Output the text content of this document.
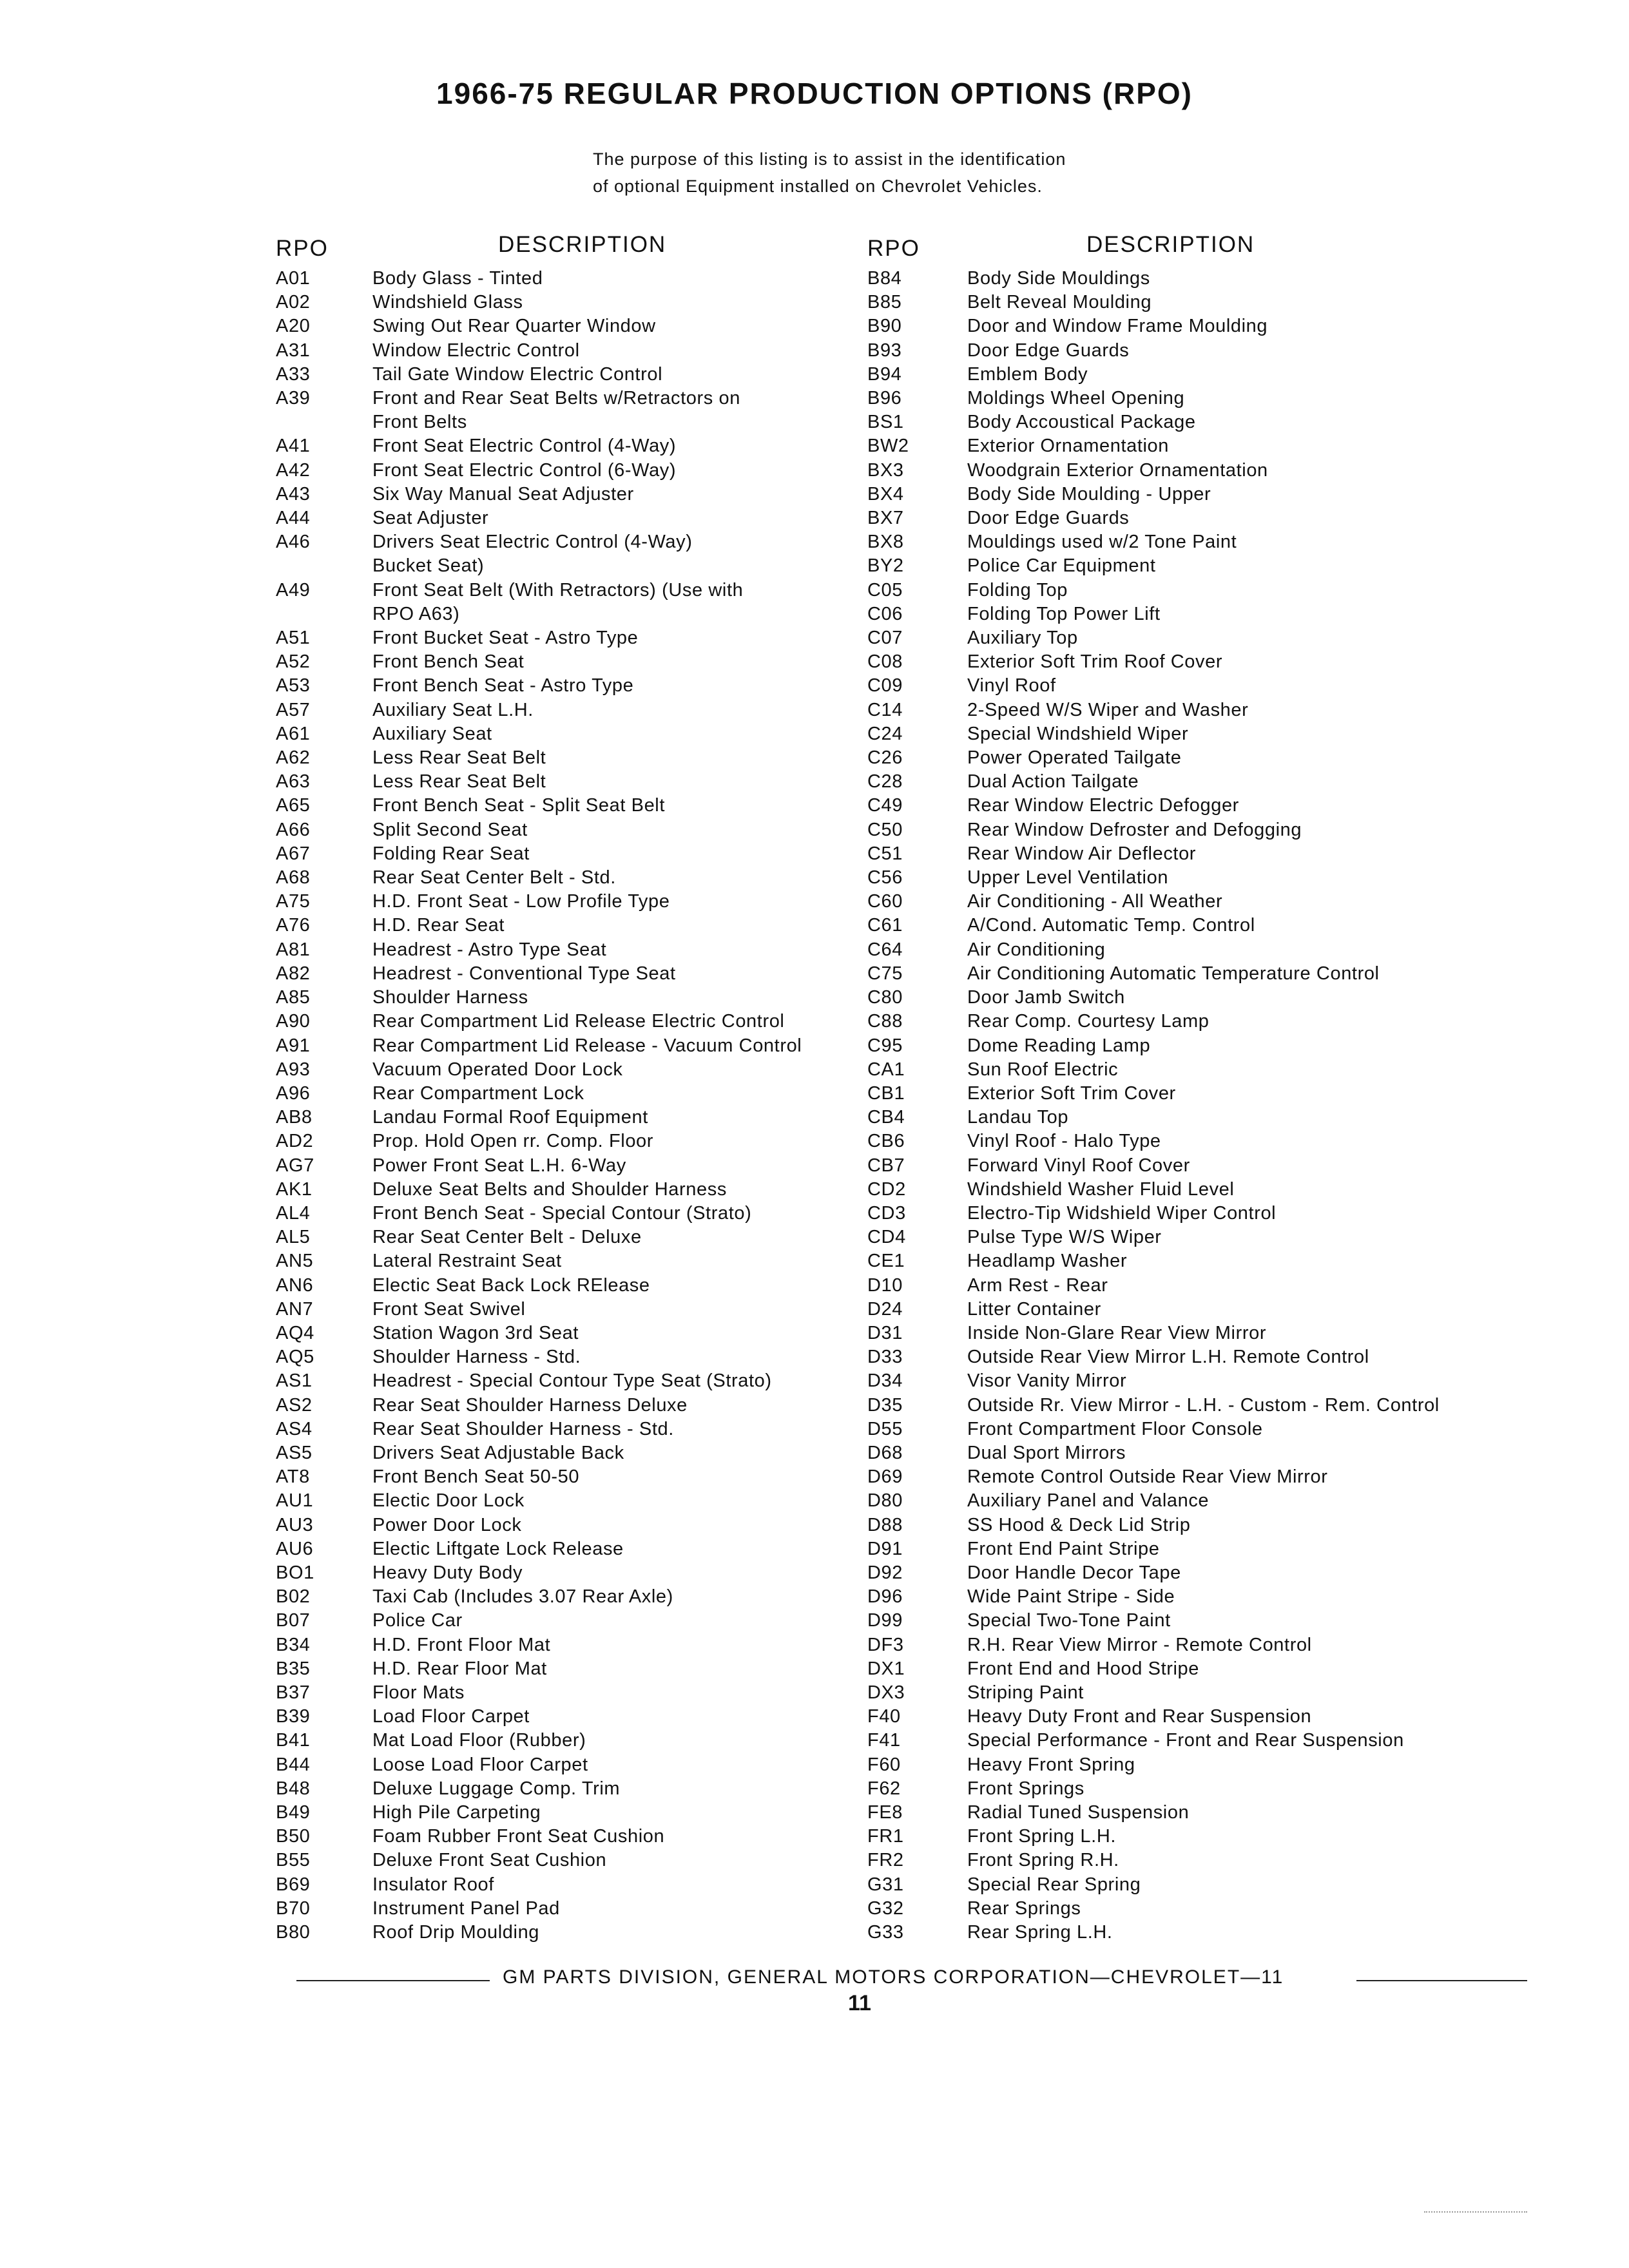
1966-75 REGULAR PRODUCTION OPTIONS (RPO)
The purpose of this listing is to assist in the identification
of optional Equipment installed on Chevrolet Vehicles.
RPO	DESCRIPTION
A01	Body Glass - Tinted
A02	Windshield Glass
A20	Swing Out Rear Quarter Window
A31	Window Electric Control
A33	Tail Gate Window Electric Control
A39	Front and Rear Seat Belts w/Retractors on
Front Belts
A41	Front Seat Electric Control (4-Way)
A42	Front Seat Electric Control (6-Way)
A43	Six Way Manual Seat Adjuster
A44	Seat Adjuster
A46	Drivers Seat Electric Control (4-Way)
Bucket Seat)
A49	Front Seat Belt (With Retractors) (Use with
RPO A63)
A51	Front Bucket Seat - Astro Type
A52	Front Bench Seat
A53	Front Bench Seat - Astro Type
A57	Auxiliary Seat L.H.
A61	Auxiliary Seat
A62	Less Rear Seat Belt
A63	Less Rear Seat Belt
A65	Front Bench Seat - Split Seat Belt
A66	Split Second Seat
A67	Folding Rear Seat
A68	Rear Seat Center Belt - Std.
A75	H.D. Front Seat - Low Profile Type
A76	H.D. Rear Seat
A81	Headrest - Astro Type Seat
A82	Headrest - Conventional Type Seat
A85	Shoulder Harness
A90	Rear Compartment Lid Release Electric Control
A91	Rear Compartment Lid Release - Vacuum Control
A93	Vacuum Operated Door Lock
A96	Rear Compartment Lock
AB8	Landau Formal Roof Equipment
AD2	Prop. Hold Open rr. Comp. Floor
AG7	Power Front Seat L.H. 6-Way
AK1	Deluxe Seat Belts and Shoulder Harness
AL4	Front Bench Seat - Special Contour (Strato)
AL5	Rear Seat Center Belt - Deluxe
AN5	Lateral Restraint Seat
AN6	Electic Seat Back Lock RElease
AN7	Front Seat Swivel
AQ4	Station Wagon 3rd Seat
AQ5	Shoulder Harness - Std.
AS1	Headrest - Special Contour Type Seat (Strato)
AS2	Rear Seat Shoulder Harness Deluxe
AS4	Rear Seat Shoulder Harness - Std.
AS5	Drivers Seat Adjustable Back
AT8	Front Bench Seat 50-50
AU1	Electic Door Lock
AU3	Power Door Lock
AU6	Electic Liftgate Lock Release
BO1	Heavy Duty Body
B02	Taxi Cab (Includes 3.07 Rear Axle)
B07	Police Car
B34	H.D. Front Floor Mat
B35	H.D. Rear Floor Mat
B37	Floor Mats
B39	Load Floor Carpet
B41	Mat Load Floor (Rubber)
B44	Loose Load Floor Carpet
B48	Deluxe Luggage Comp. Trim
B49	High Pile Carpeting
B50	Foam Rubber Front Seat Cushion
B55	Deluxe Front Seat Cushion
B69	Insulator Roof
B70	Instrument Panel Pad
B80	Roof Drip Moulding
RPO	DESCRIPTION
B84	Body Side Mouldings
B85	Belt Reveal Moulding
B90	Door and Window Frame Moulding
B93	Door Edge Guards
B94	Emblem Body
B96	Moldings Wheel Opening
BS1	Body Accoustical Package
BW2	Exterior Ornamentation
BX3	Woodgrain Exterior Ornamentation
BX4	Body Side Moulding - Upper
BX7	Door Edge Guards
BX8	Mouldings used w/2 Tone Paint
BY2	Police Car Equipment
C05	Folding Top
C06	Folding Top Power Lift
C07	Auxiliary Top
C08	Exterior Soft Trim Roof Cover
C09	Vinyl Roof
C14	2-Speed W/S Wiper and Washer
C24	Special Windshield Wiper
C26	Power Operated Tailgate
C28	Dual Action Tailgate
C49	Rear Window Electric Defogger
C50	Rear Window Defroster and Defogging
C51	Rear Window Air Deflector
C56	Upper Level Ventilation
C60	Air Conditioning - All Weather
C61	A/Cond. Automatic Temp. Control
C64	Air Conditioning
C75	Air Conditioning Automatic Temperature Control
C80	Door Jamb Switch
C88	Rear Comp. Courtesy Lamp
C95	Dome Reading Lamp
CA1	Sun Roof Electric
CB1	Exterior Soft Trim Cover
CB4	Landau Top
CB6	Vinyl Roof - Halo Type
CB7	Forward Vinyl Roof Cover
CD2	Windshield Washer Fluid Level
CD3	Electro-Tip Widshield Wiper Control
CD4	Pulse Type W/S Wiper
CE1	Headlamp Washer
D10	Arm Rest - Rear
D24	Litter Container
D31	Inside Non-Glare Rear View Mirror
D33	Outside Rear View Mirror L.H. Remote Control
D34	Visor Vanity Mirror
D35	Outside Rr. View Mirror - L.H. - Custom - Rem. Control
D55	Front Compartment Floor Console
D68	Dual Sport Mirrors
D69	Remote Control Outside Rear View Mirror
D80	Auxiliary Panel and Valance
D88	SS Hood & Deck Lid Strip
D91	Front End Paint Stripe
D92	Door Handle Decor Tape
D96	Wide Paint Stripe - Side
D99	Special Two-Tone Paint
DF3	R.H. Rear View Mirror - Remote Control
DX1	Front End and Hood Stripe
DX3	Striping Paint
F40	Heavy Duty Front and Rear Suspension
F41	Special Performance - Front and Rear Suspension
F60	Heavy Front Spring
F62	Front Springs
FE8	Radial Tuned Suspension
FR1	Front Spring L.H.
FR2	Front Spring R.H.
G31	Special Rear Spring
G32	Rear Springs
G33	Rear Spring L.H.
GM PARTS DIVISION, GENERAL MOTORS CORPORATION—CHEVROLET—11
11
